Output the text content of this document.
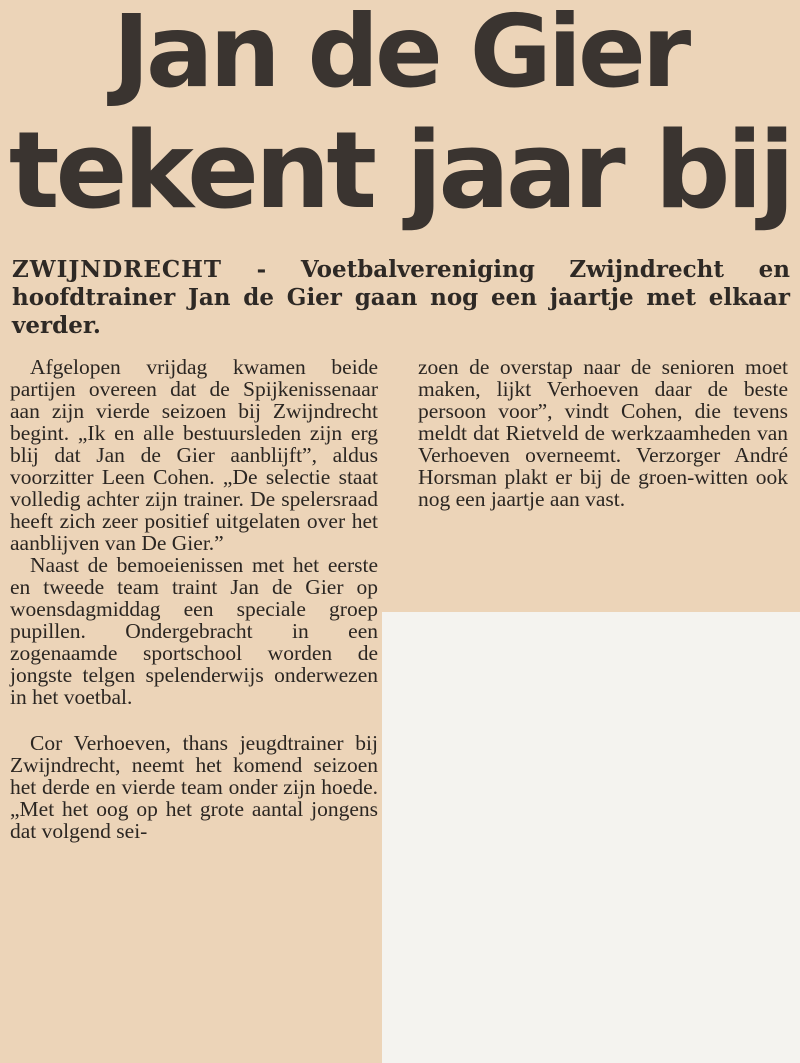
Jan de Gier
tekent jaar bij

ZWIJNDRECHT - Voetbalvereniging Zwijndrecht en hoofdtrainer Jan de Gier gaan nog een jaartje met elkaar verder.

Afgelopen vrijdag kwamen beide partijen overeen dat de Spijkenissenaar aan zijn vierde seizoen bij Zwijndrecht begint. „Ik en alle bestuursleden zijn erg blij dat Jan de Gier aanblijft”, aldus voorzitter Leen Cohen. „De selectie staat volledig achter zijn trainer. De spelersraad heeft zich zeer positief uitgelaten over het aanblijven van De Gier.”

Naast de bemoeienissen met het eerste en tweede team traint Jan de Gier op woensdagmiddag een speciale groep pupillen. Ondergebracht in een zogenaamde sportschool worden de jongste telgen spelenderwijs onderwezen in het voetbal.

Cor Verhoeven, thans jeugdtrainer bij Zwijndrecht, neemt het komend seizoen het derde en vierde team onder zijn hoede. „Met het oog op het grote aantal jongens dat volgend sei-

zoen de overstap naar de senioren moet maken, lijkt Verhoeven daar de beste persoon voor”, vindt Cohen, die tevens meldt dat Rietveld de werkzaamheden van Verhoeven overneemt. Verzorger André Horsman plakt er bij de groen-witten ook nog een jaartje aan vast.
